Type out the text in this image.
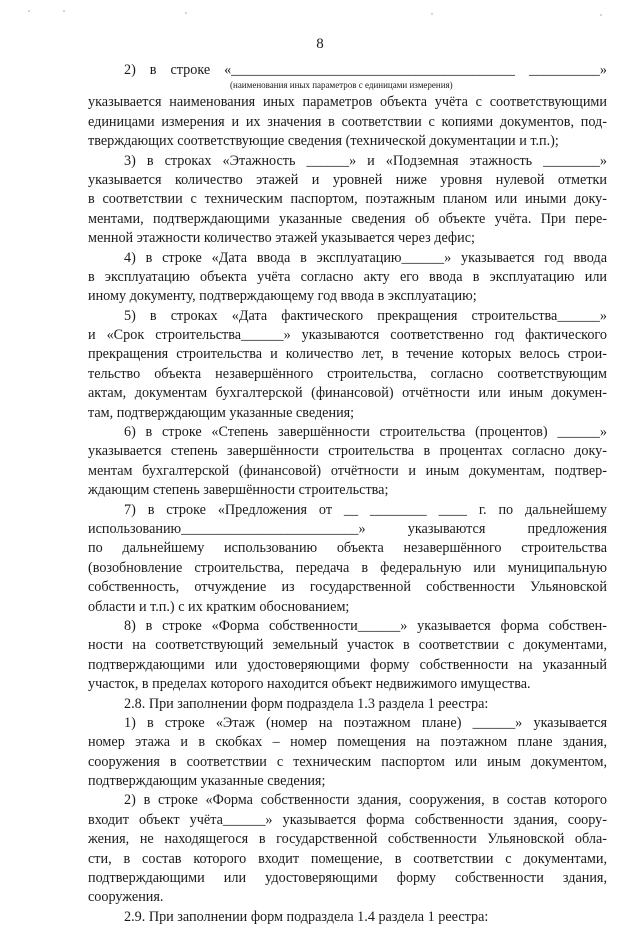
8
2) в строке «________________________________________ __________»
(наименования иных параметров с единицами измерения)
указывается наименования иных параметров объекта учёта с соответствующими
единицами измерения и их значения в соответствии с копиями документов, под-
тверждающих соответствующие сведения (технической документации и т.п.);
3) в строках «Этажность ______» и «Подземная этажность ________»
указывается количество этажей и уровней ниже уровня нулевой отметки
в соответствии с техническим паспортом, поэтажным планом или иными доку-
ментами, подтверждающими указанные сведения об объекте учёта. При пере-
менной этажности количество этажей указывается через дефис;
4) в строке «Дата ввода в эксплуатацию______» указывается год ввода
в эксплуатацию объекта учёта согласно акту его ввода в эксплуатацию или
иному документу, подтверждающему год ввода в эксплуатацию;
5) в строках «Дата фактического прекращения строительства______»
и «Срок строительства______» указываются соответственно год фактического
прекращения строительства и количество лет, в течение которых велось строи-
тельство объекта незавершённого строительства, согласно соответствующим
актам, документам бухгалтерской (финансовой) отчётности или иным докумен-
там, подтверждающим указанные сведения;
6) в строке «Степень завершённости строительства (процентов) ______»
указывается степень завершённости строительства в процентах согласно доку-
ментам бухгалтерской (финансовой) отчётности и иным документам, подтвер-
ждающим степень завершённости строительства;
7) в строке «Предложения от __ ________ ____ г. по дальнейшему
использованию_________________________» указываются предложения
по дальнейшему использованию объекта незавершённого строительства
(возобновление строительства, передача в федеральную или муниципальную
собственность, отчуждение из государственной собственности Ульяновской
области и т.п.) с их кратким обоснованием;
8) в строке «Форма собственности______» указывается форма собствен-
ности на соответствующий земельный участок в соответствии с документами,
подтверждающими или удостоверяющими форму собственности на указанный
участок, в пределах которого находится объект недвижимого имущества.
2.8. При заполнении форм подраздела 1.3 раздела 1 реестра:
1) в строке «Этаж (номер на поэтажном плане) ______» указывается
номер этажа и в скобках – номер помещения на поэтажном плане здания,
сооружения в соответствии с техническим паспортом или иным документом,
подтверждающим указанные сведения;
2) в строке «Форма собственности здания, сооружения, в состав которого
входит объект учёта______» указывается форма собственности здания, соору-
жения, не находящегося в государственной собственности Ульяновской обла-
сти, в состав которого входит помещение, в соответствии с документами,
подтверждающими или удостоверяющими форму собственности здания,
сооружения.
2.9. При заполнении форм подраздела 1.4 раздела 1 реестра:
